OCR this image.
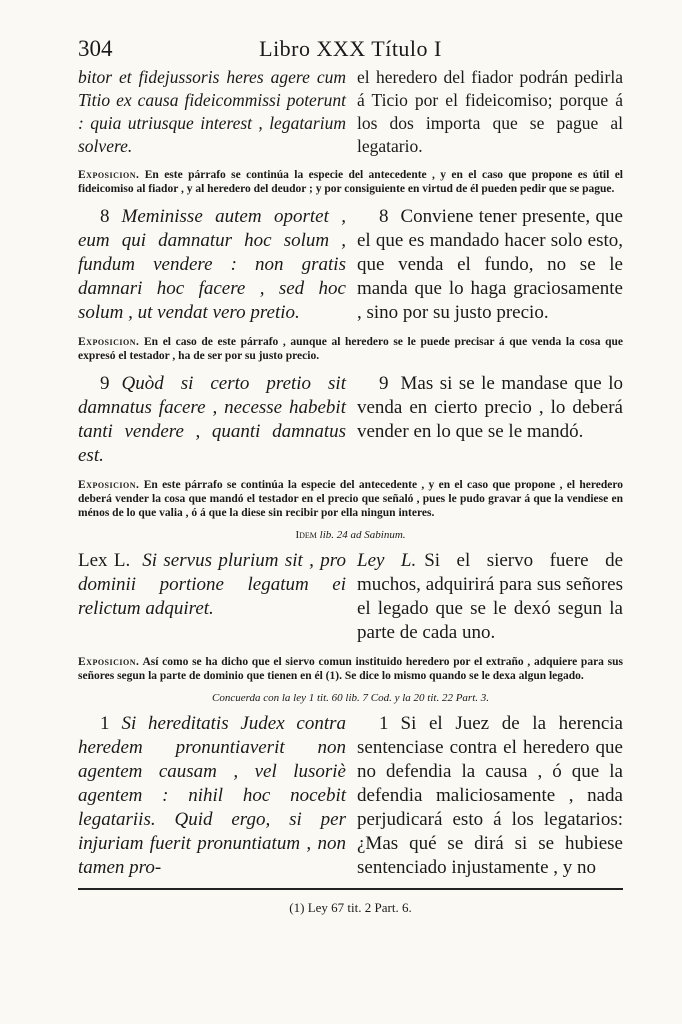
304	Libro XXX Título I
bitor et fidejussoris heres agere cum Titio ex causa fideicommissi poterunt : quia utriusque interest , legatarium solvere.
el heredero del fiador podrán pedirla á Ticio por el fideicomiso; porque á los dos importa que se pague al legatario.
Exposicion. En este párrafo se continúa la especie del antecedente , y en el caso que propone es útil el fideicomiso al fiador , y al heredero del deudor ; y por consiguiente en virtud de él pueden pedir que se pague.
8 Meminisse autem oportet , eum qui damnatur hoc solum , fundum vendere : non gratis damnari hoc facere , sed hoc solum , ut vendat vero pretio.
8 Conviene tener presente, que el que es mandado hacer solo esto, que venda el fundo, no se le manda que lo haga graciosamente , sino por su justo precio.
Exposicion. En el caso de este párrafo , aunque al heredero se le puede precisar á que venda la cosa que expresó el testador , ha de ser por su justo precio.
9 Quòd si certo pretio sit damnatus facere , necesse habebit tanti vendere , quanti damnatus est.
9 Mas si se le mandase que lo venda en cierto precio , lo deberá vender en lo que se le mandó.
Exposicion. En este párrafo se continúa la especie del antecedente , y en el caso que propone , el heredero deberá vender la cosa que mandó el testador en el precio que señaló , pues le pudo gravar á que la vendiese en ménos de lo que valia , ó á que la diese sin recibir por ella ningun interes.
Idem lib. 24 ad Sabinum.
Lex L. Si servus plurium sit , pro dominii portione legatum ei relictum adquiret.
Ley L. Si el siervo fuere de muchos, adquirirá para sus señores el legado que se le dexó segun la parte de cada uno.
Exposicion. Así como se ha dicho que el siervo comun instituido heredero por el extraño , adquiere para sus señores segun la parte de dominio que tienen en él (1). Se dice lo mismo quando se le dexa algun legado.
Concuerda con la ley 1 tit. 60 lib. 7 Cod. y la 20 tit. 22 Part. 3.
1 Si hereditatis Judex contra heredem pronuntiaverit non agentem causam , vel lusoriè agentem : nihil hoc nocebit legatariis. Quid ergo, si per injuriam fuerit pronuntiatum , non tamen pro-
1 Si el Juez de la herencia sentenciase contra el heredero que no defendia la causa , ó que la defendia maliciosamente , nada perjudicará esto á los legatarios: ¿Mas qué se dirá si se hubiese sentenciado injustamente , y no
(1) Ley 67 tit. 2 Part. 6.
